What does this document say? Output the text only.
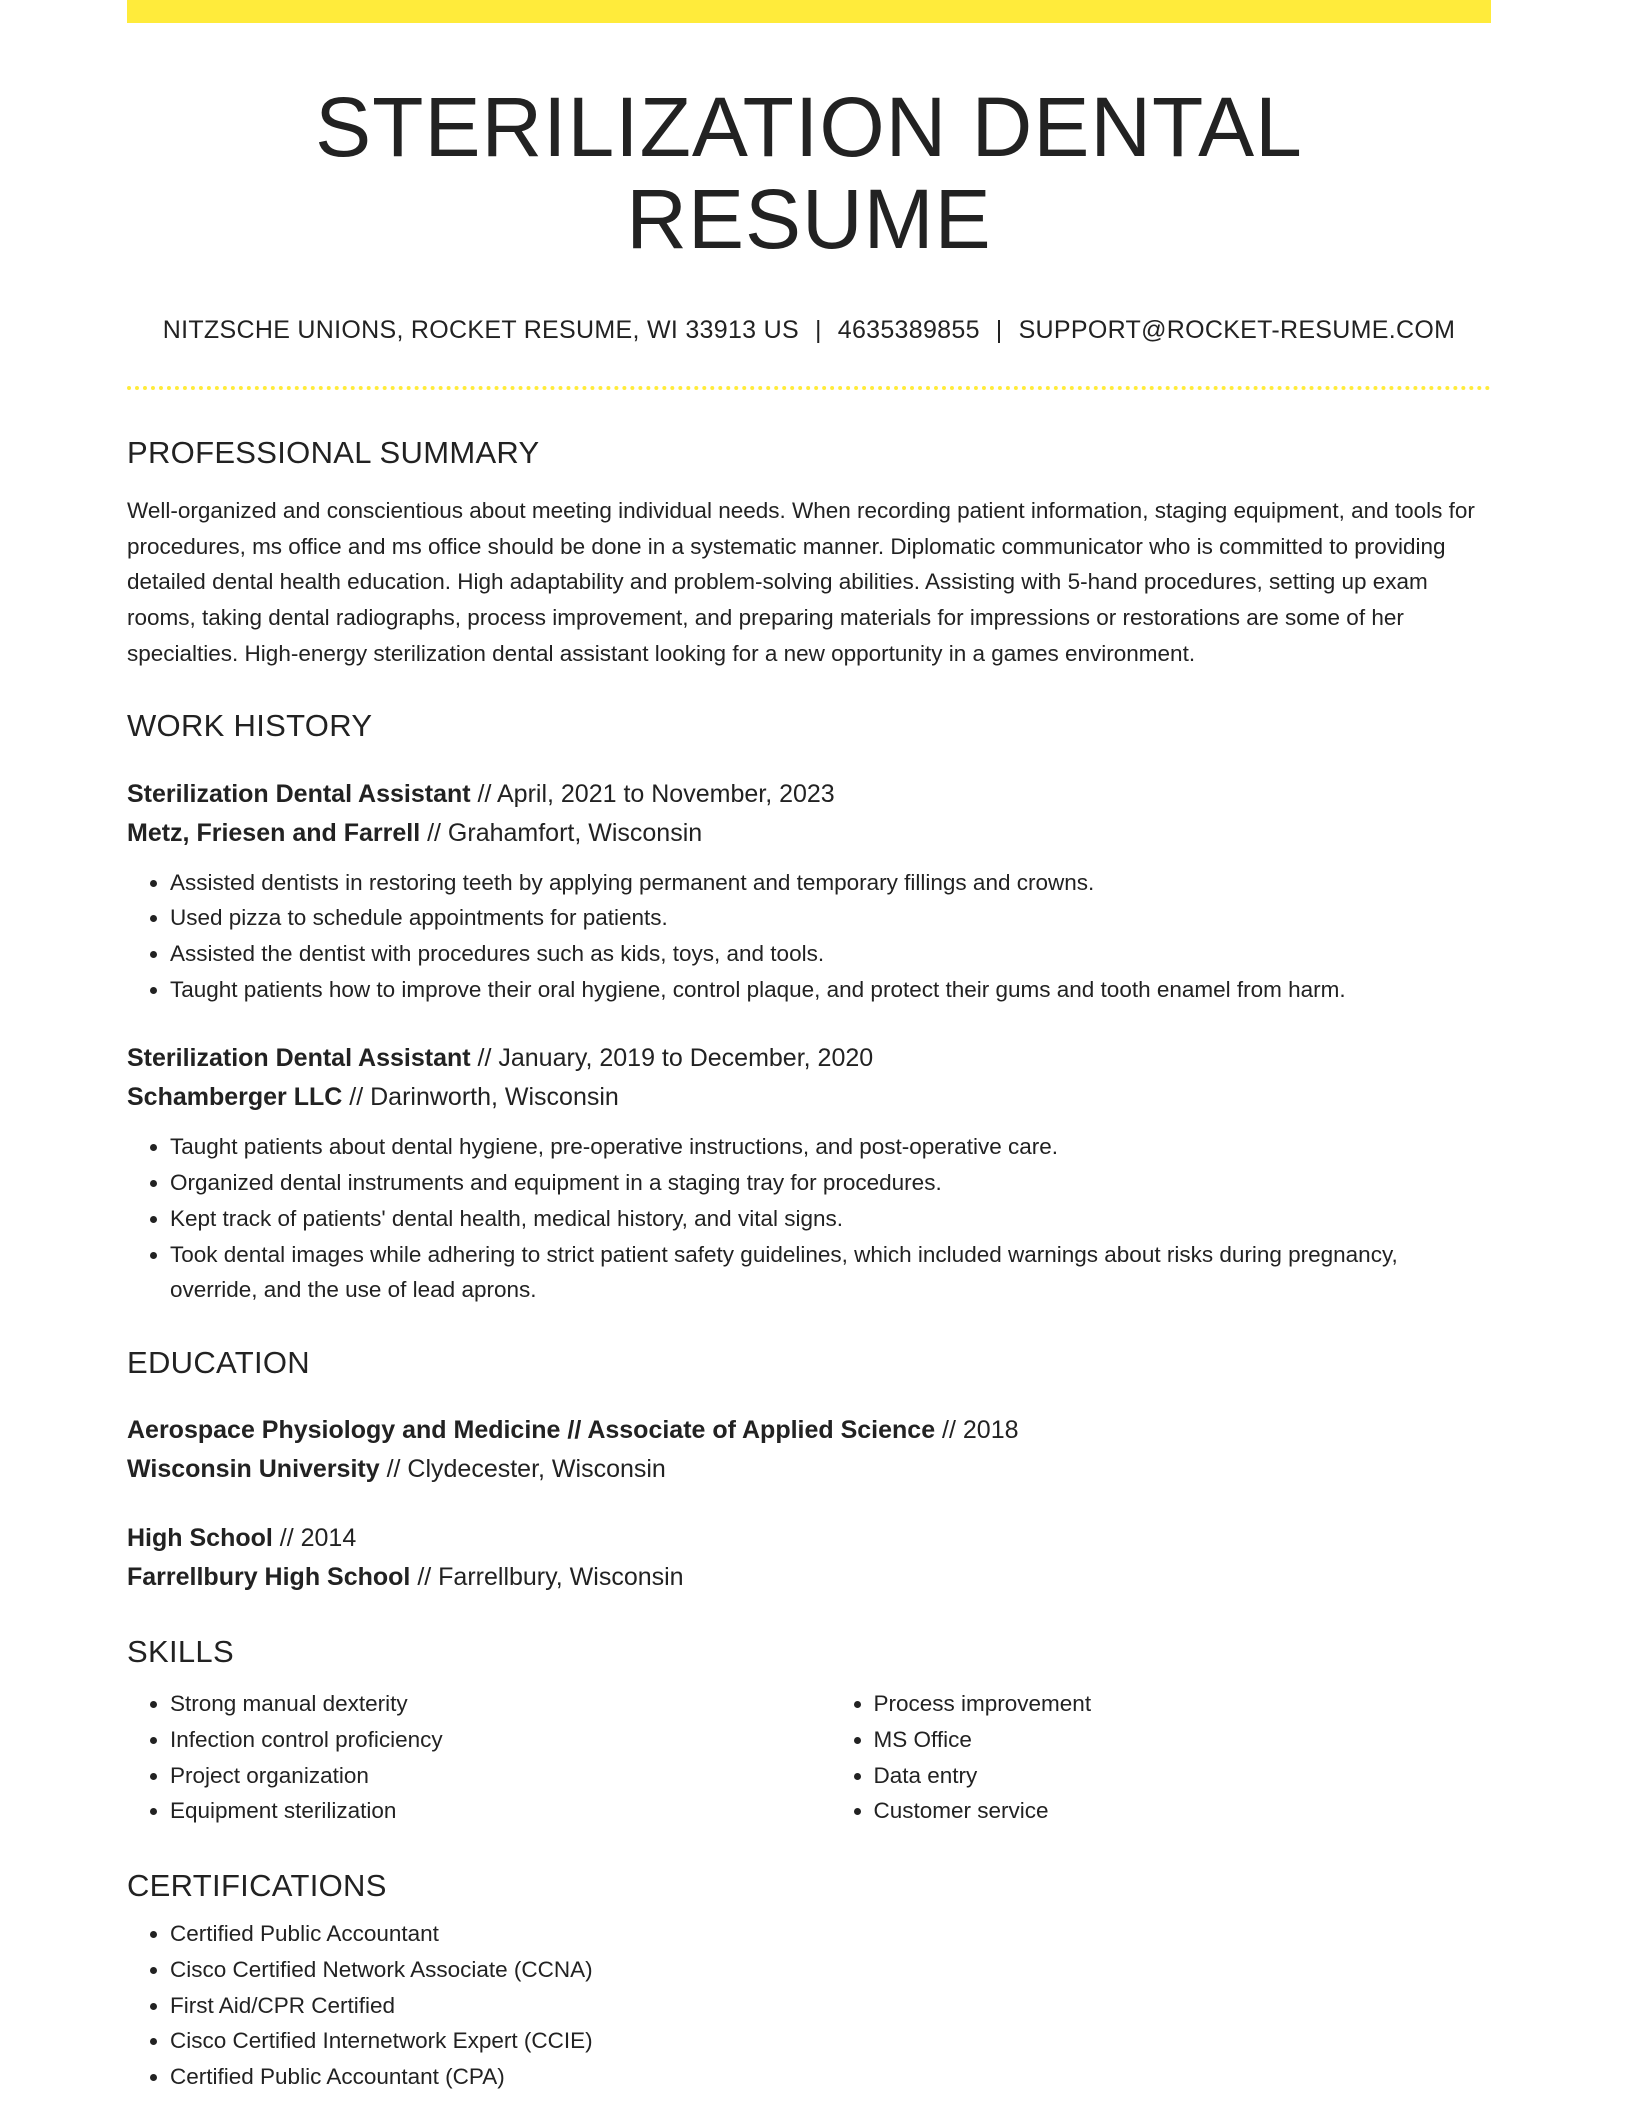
STERILIZATION DENTAL RESUME
NITZSCHE UNIONS, ROCKET RESUME, WI 33913 US | 4635389855 | SUPPORT@ROCKET-RESUME.COM
PROFESSIONAL SUMMARY
Well-organized and conscientious about meeting individual needs. When recording patient information, staging equipment, and tools for procedures, ms office and ms office should be done in a systematic manner. Diplomatic communicator who is committed to providing detailed dental health education. High adaptability and problem-solving abilities. Assisting with 5-hand procedures, setting up exam rooms, taking dental radiographs, process improvement, and preparing materials for impressions or restorations are some of her specialties. High-energy sterilization dental assistant looking for a new opportunity in a games environment.
WORK HISTORY
Sterilization Dental Assistant // April, 2021 to November, 2023
Metz, Friesen and Farrell // Grahamfort, Wisconsin
• Assisted dentists in restoring teeth by applying permanent and temporary fillings and crowns.
• Used pizza to schedule appointments for patients.
• Assisted the dentist with procedures such as kids, toys, and tools.
• Taught patients how to improve their oral hygiene, control plaque, and protect their gums and tooth enamel from harm.
Sterilization Dental Assistant // January, 2019 to December, 2020
Schamberger LLC // Darinworth, Wisconsin
• Taught patients about dental hygiene, pre-operative instructions, and post-operative care.
• Organized dental instruments and equipment in a staging tray for procedures.
• Kept track of patients' dental health, medical history, and vital signs.
• Took dental images while adhering to strict patient safety guidelines, which included warnings about risks during pregnancy, override, and the use of lead aprons.
EDUCATION
Aerospace Physiology and Medicine // Associate of Applied Science // 2018
Wisconsin University // Clydecester, Wisconsin
High School // 2014
Farrellbury High School // Farrellbury, Wisconsin
SKILLS
• Strong manual dexterity
• Infection control proficiency
• Project organization
• Equipment sterilization
• Process improvement
• MS Office
• Data entry
• Customer service
CERTIFICATIONS
• Certified Public Accountant
• Cisco Certified Network Associate (CCNA)
• First Aid/CPR Certified
• Cisco Certified Internetwork Expert (CCIE)
• Certified Public Accountant (CPA)
